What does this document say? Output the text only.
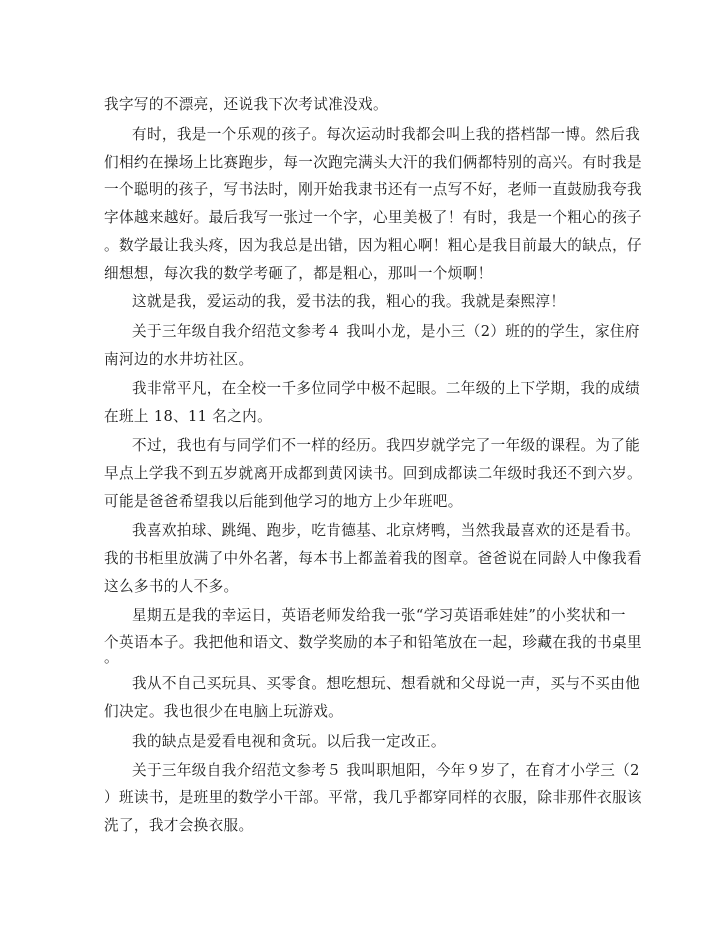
我字写的不漂亮，还说我下次考试准没戏。
有时，我是一个乐观的孩子。每次运动时我都会叫上我的搭档郜一博。然后我
们相约在操场上比赛跑步，每一次跑完满头大汗的我们俩都特别的高兴。有时我是
一个聪明的孩子，写书法时，刚开始我隶书还有一点写不好，老师一直鼓励我夸我
字体越来越好。最后我写一张过一个字，心里美极了！有时，我是一个粗心的孩子
。数学最让我头疼，因为我总是出错，因为粗心啊！粗心是我目前最大的缺点，仔
细想想，每次我的数学考砸了，都是粗心，那叫一个烦啊！
这就是我，爱运动的我，爱书法的我，粗心的我。我就是秦熙淳！
关于三年级自我介绍范文参考４ 我叫小龙，是小三（2）班的的学生，家住府
南河边的水井坊社区。
我非常平凡，在全校一千多位同学中极不起眼。二年级的上下学期，我的成绩
在班上 18、11 名之内。
不过，我也有与同学们不一样的经历。我四岁就学完了一年级的课程。为了能
早点上学我不到五岁就离开成都到黄冈读书。回到成都读二年级时我还不到六岁。
可能是爸爸希望我以后能到他学习的地方上少年班吧。
我喜欢拍球、跳绳、跑步，吃肯德基、北京烤鸭，当然我最喜欢的还是看书。
我的书柜里放满了中外名著，每本书上都盖着我的图章。爸爸说在同龄人中像我看
这么多书的人不多。
星期五是我的幸运日，英语老师发给我一张“学习英语乖娃娃”的小奖状和一
个英语本子。我把他和语文、数学奖励的本子和铅笔放在一起，珍藏在我的书桌里
。
我从不自己买玩具、买零食。想吃想玩、想看就和父母说一声，买与不买由他
们决定。我也很少在电脑上玩游戏。
我的缺点是爱看电视和贪玩。以后我一定改正。
关于三年级自我介绍范文参考５ 我叫职旭阳，今年９岁了，在育才小学三（2
）班读书，是班里的数学小干部。平常，我几乎都穿同样的衣服，除非那件衣服该
洗了，我才会换衣服。
